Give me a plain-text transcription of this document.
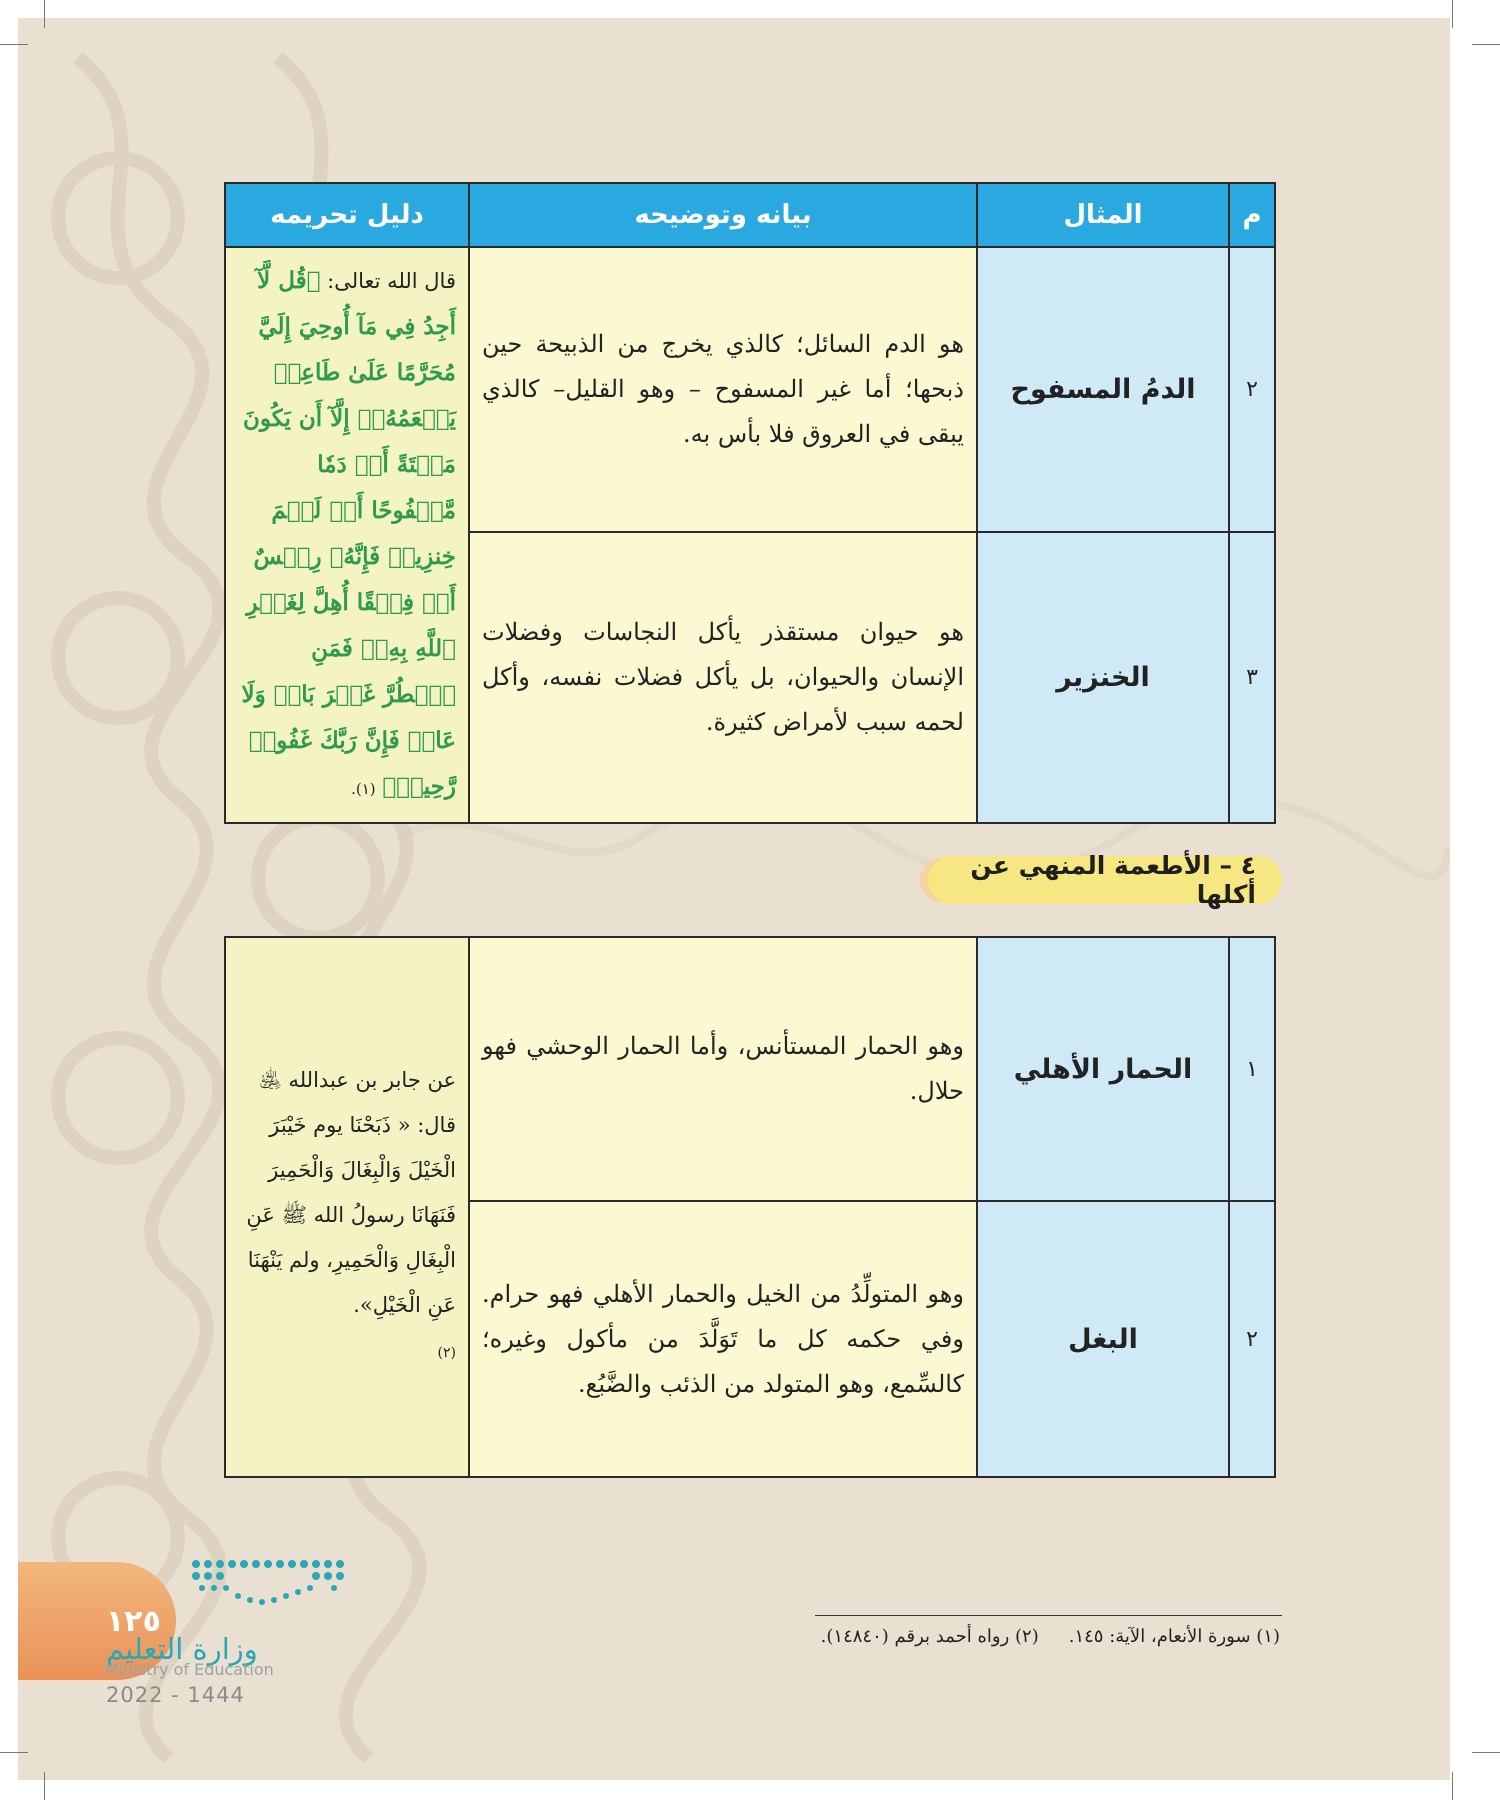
م	المثال	بيانه وتوضيحه	دليل تحريمه
٢	الدمُ المسفوح	هو الدم السائل؛ كالذي يخرج من الذبيحة حين ذبحها؛ أما غير المسفوح – وهو القليل– كالذي يبقى في العروق فلا بأس به.	قال الله تعالى: ﴿قُل لَّآ أَجِدُ فِي مَآ أُوحِيَ إِلَيَّ مُحَرَّمًا عَلَىٰ طَاعِمٖ يَطۡعَمُهُۥٓ إِلَّآ أَن يَكُونَ مَيۡتَةً أَوۡ دَمٗا مَّسۡفُوحًا أَوۡ لَحۡمَ خِنزِيرٖ فَإِنَّهُۥ رِجۡسٌ أَوۡ فِسۡقًا أُهِلَّ لِغَيۡرِ ٱللَّهِ بِهِۦۚ فَمَنِ ٱضۡطُرَّ غَيۡرَ بَاغٖ وَلَا عَادٖ فَإِنَّ رَبَّكَ غَفُورٞ رَّحِيمٞ﴾ (١).
٣	الخنزير	هو حيوان مستقذر يأكل النجاسات وفضلات الإنسان والحيوان، بل يأكل فضلات نفسه، وأكل لحمه سبب لأمراض كثيرة.	
٤ – الأطعمة المنهي عن أكلها
١	الحمار الأهلي	وهو الحمار المستأنس، وأما الحمار الوحشي فهو حلال.	عن جابر بن عبدالله ﵁ قال: « ذَبَحْنَا يوم خَيْبَرَ الْخَيْلَ وَالْبِغَالَ وَالْحَمِيرَ فَنَهَانَا رسولُ الله ﷺ عَنِ الْبِغَالِ وَالْحَمِيرِ، ولم يَنْهَنَا عَنِ الْخَيْلِ».
(٢)
٢	البغل	وهو المتولِّدُ من الخيل والحمار الأهلي فهو حرام. وفي حكمه كل ما تَوَلَّدَ من مأكول وغيره؛ كالسِّمع، وهو المتولد من الذئب والضَّبُع.	
(١) سورة الأنعام، الآية: ١٤٥.
(٢) رواه أحمد برقم (١٤٨٤٠).
١٢٥
وزارة التعليم
Ministry of Education
2022 - 1444
